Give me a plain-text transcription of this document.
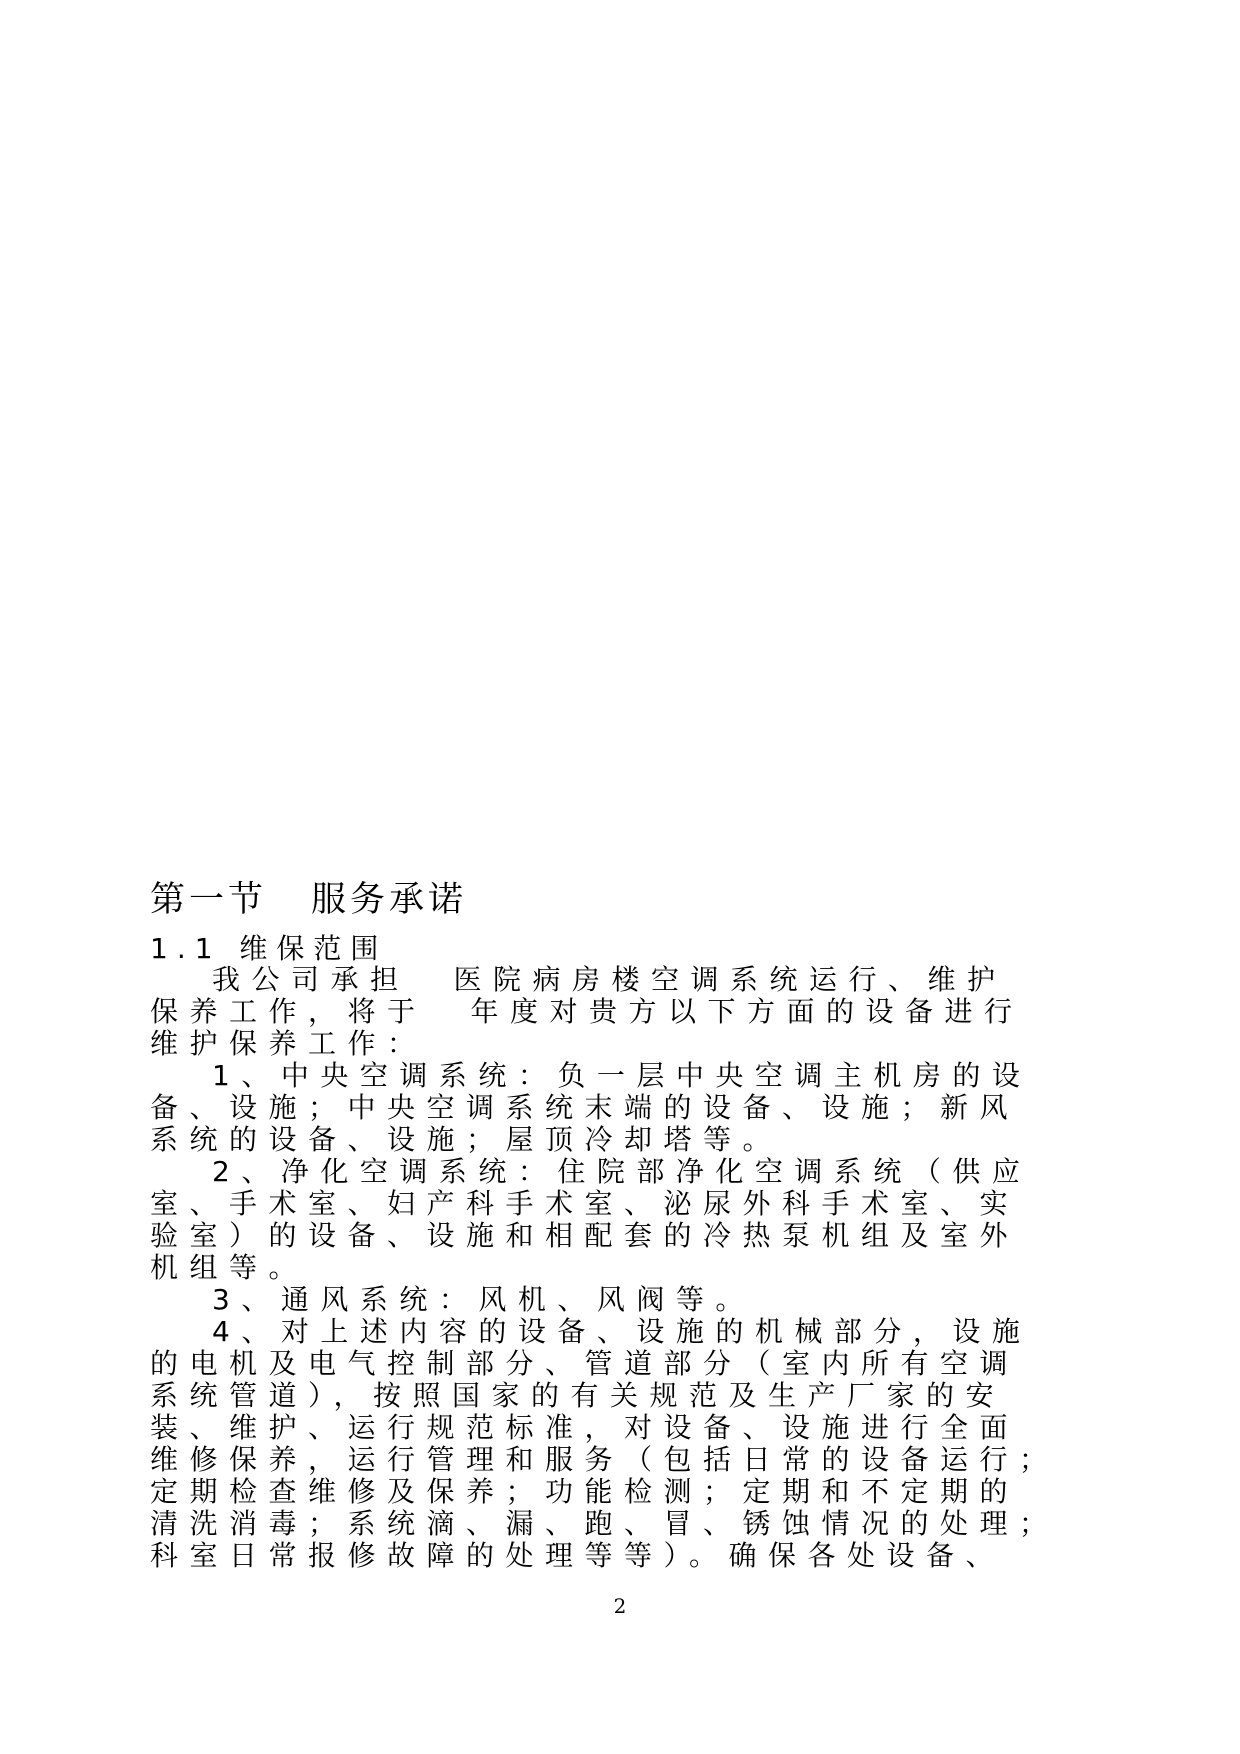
第一节 服务承诺
1.1 维保范围
我公司承担 医院病房楼空调系统运行、维护
保养工作，将于 年度对贵方以下方面的设备进行
维护保养工作：
1、中央空调系统：负一层中央空调主机房的设
备、设施；中央空调系统末端的设备、设施；新风
系统的设备、设施；屋顶冷却塔等。
2、净化空调系统：住院部净化空调系统（供应
室、手术室、妇产科手术室、泌尿外科手术室、实
验室）的设备、设施和相配套的冷热泵机组及室外
机组等。
3、通风系统：风机、风阀等。
4、对上述内容的设备、设施的机械部分，设施
的电机及电气控制部分、管道部分（室内所有空调
系统管道），按照国家的有关规范及生产厂家的安
装、维护、运行规范标准，对设备、设施进行全面
维修保养，运行管理和服务（包括日常的设备运行；
定期检查维修及保养；功能检测；定期和不定期的
清洗消毒；系统滴、漏、跑、冒、锈蚀情况的处理；
科室日常报修故障的处理等等）。确保各处设备、
2
